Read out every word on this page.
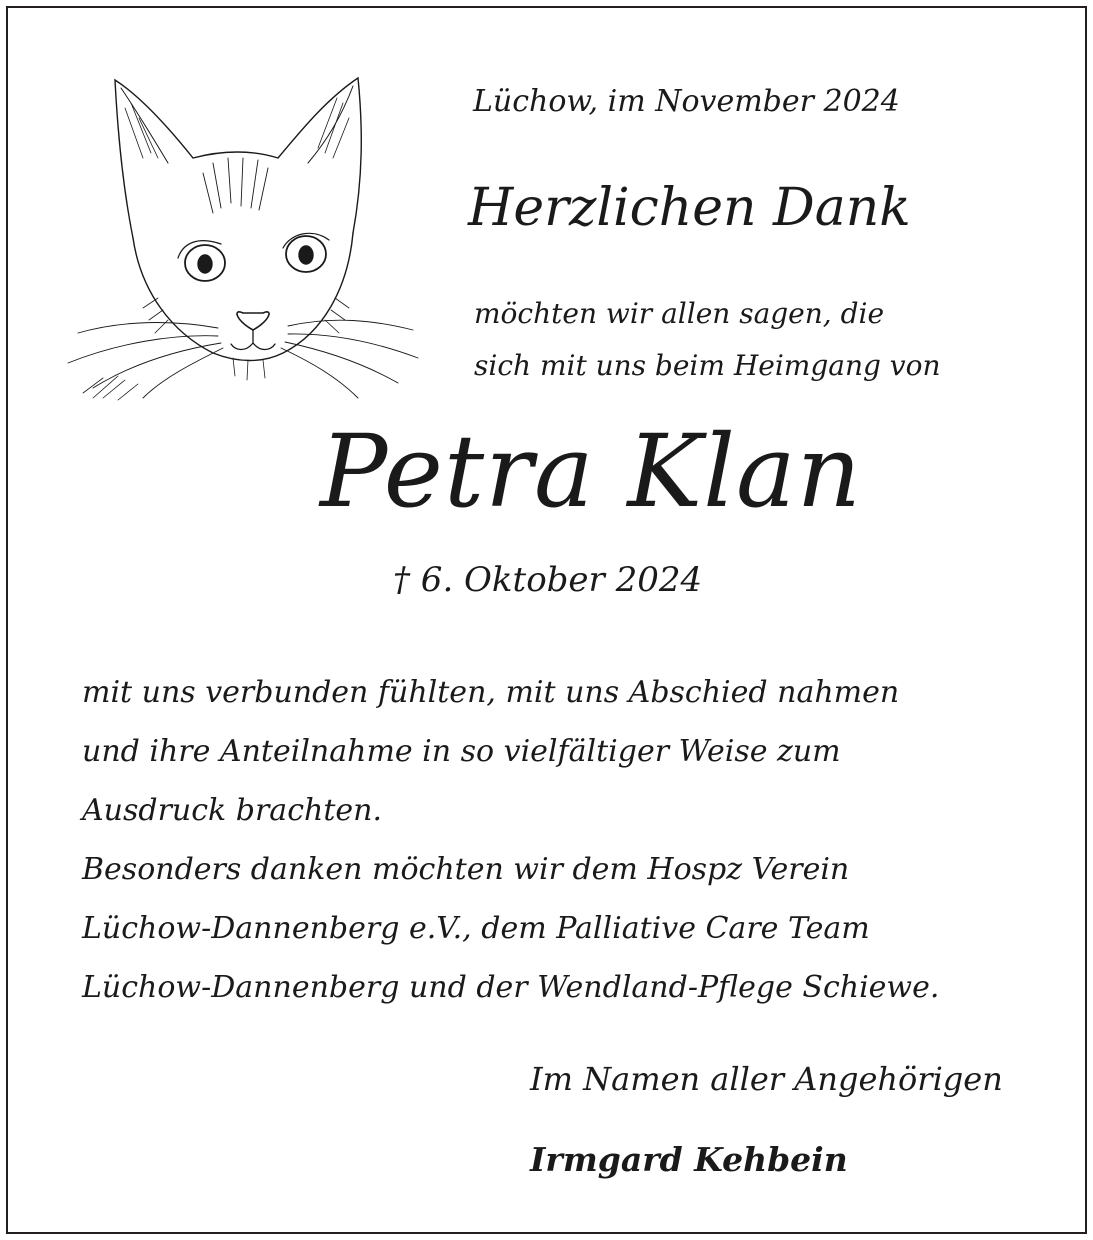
Lüchow, im November 2024

Herzlichen Dank
möchten wir allen sagen, die
sich mit uns beim Heimgang von
Petra Klan

† 6. Oktober 2024

mit uns verbunden fühlten, mit uns Abschied nahmen
und ihre Anteilnahme in so vielfältiger Weise zum
Ausdruck brachten.
Besonders danken möchten wir dem Hospz Verein
Lüchow-Dannenberg e.V., dem Palliative Care Team
Lüchow-Dannenberg und der Wendland-Pflege Schiewe.

Im Namen aller Angehörigen

Irmgard Kehbein
